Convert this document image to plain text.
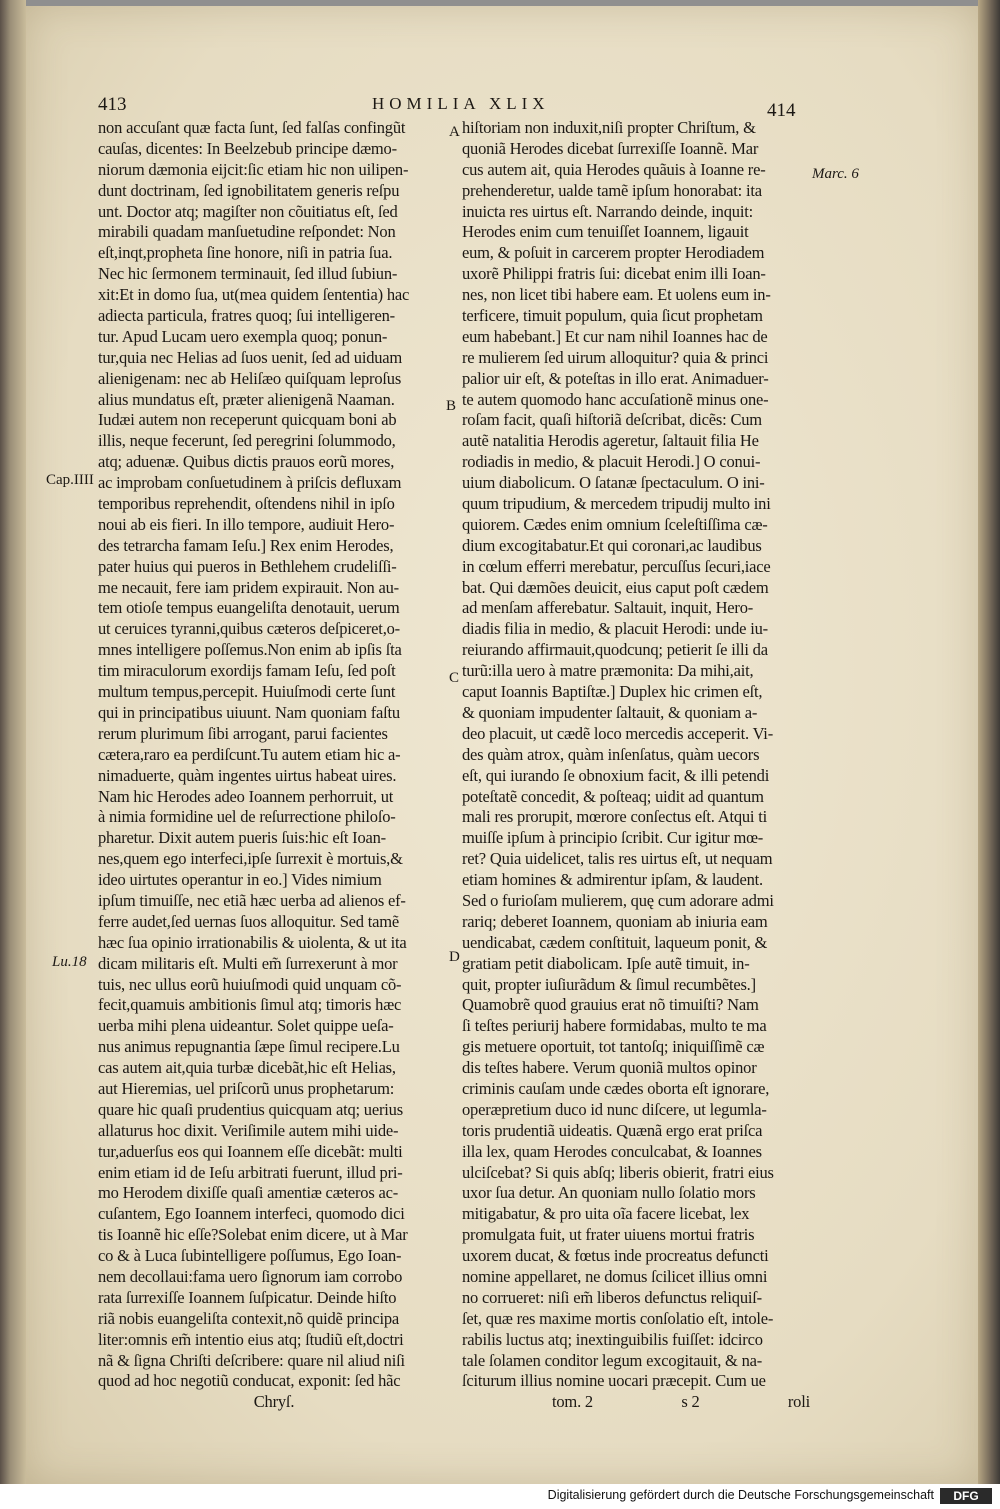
413	HOMILIA XLIX	414
non accuſant quæ facta ſunt, ſed falſas confingũt
cauſas, dicentes: In Beelzebub principe dæmo-
niorum dæmonia eijcit:ſic etiam hic non uilipen-
dunt doctrinam, ſed ignobilitatem generis reſpu
unt. Doctor atq; magiſter non cõuitiatus eſt, ſed
mirabili quadam manſuetudine reſpondet: Non
eſt,inqt,propheta ſine honore, niſi in patria ſua.
Nec hic ſermonem terminauit, ſed illud ſubiun-
xit:Et in domo ſua, ut(mea quidem ſententia) hac
adiecta particula, fratres quoq; ſui intelligeren-
tur. Apud Lucam uero exempla quoq; ponun-
tur,quia nec Helias ad ſuos uenit, ſed ad uiduam
alienigenam: nec ab Heliſæo quiſquam leproſus
alius mundatus eſt, præter alienigenã Naaman.
Iudæi autem non receperunt quicquam boni ab
illis, neque fecerunt, ſed peregrini ſolummodo,
atq; aduenæ. Quibus dictis prauos eorũ mores,
ac improbam conſuetudinem à priſcis defluxam
temporibus reprehendit, oſtendens nihil in ipſo
noui ab eis fieri. In illo tempore, audiuit Hero-
des tetrarcha famam Ieſu.] Rex enim Herodes,
pater huius qui pueros in Bethlehem crudeliſſi-
me necauit, fere iam pridem expirauit. Non au-
tem otioſe tempus euangeliſta denotauit, uerum
ut ceruices tyranni,quibus cæteros deſpiceret,o-
mnes intelligere poſſemus.Non enim ab ipſis ſta
tim miraculorum exordijs famam Ieſu, ſed poſt
multum tempus,percepit. Huiuſmodi certe ſunt
qui in principatibus uiuunt. Nam quoniam faſtu
rerum plurimum ſibi arrogant, parui facientes
cætera,raro ea perdiſcunt.Tu autem etiam hic a-
nimaduerte, quàm ingentes uirtus habeat uires.
Nam hic Herodes adeo Ioannem perhorruit, ut
à nimia formidine uel de reſurrectione philoſo-
pharetur. Dixit autem pueris ſuis:hic eſt Ioan-
nes,quem ego interfeci,ipſe ſurrexit è mortuis,&
ideo uirtutes operantur in eo.] Vides nimium
ipſum timuiſſe, nec etiã hæc uerba ad alienos ef-
ferre audet,ſed uernas ſuos alloquitur. Sed tamẽ
hæc ſua opinio irrationabilis & uiolenta, & ut ita
dicam militaris eſt. Multi em̃ ſurrexerunt à mor
tuis, nec ullus eorũ huiuſmodi quid unquam cõ-
fecit,quamuis ambitionis ſimul atq; timoris hæc
uerba mihi plena uideantur. Solet quippe ueſa-
nus animus repugnantia ſæpe ſimul recipere.Lu
cas autem ait,quia turbæ dicebãt,hic eſt Helias,
aut Hieremias, uel priſcorũ unus prophetarum:
quare hic quaſi prudentius quicquam atq; uerius
allaturus hoc dixit. Veriſimile autem mihi uide-
tur,aduerſus eos qui Ioannem eſſe dicebãt: multi
enim etiam id de Ieſu arbitrati fuerunt, illud pri-
mo Herodem dixiſſe quaſi amentiæ cæteros ac-
cuſantem, Ego Ioannem interfeci, quomodo dici
tis Ioannẽ hic eſſe?Solebat enim dicere, ut à Mar
co & à Luca ſubintelligere poſſumus, Ego Ioan-
nem decollaui:fama uero ſignorum iam corrobo
rata ſurrexiſſe Ioannem ſuſpicatur. Deinde hiſto
riã nobis euangeliſta contexit,nõ quidẽ principa
liter:omnis em̃ intentio eius atq; ſtudiũ eſt,doctri
nã & ſigna Chriſti deſcribere: quare nil aliud niſi
quod ad hoc negotiũ conducat, exponit: ſed hãc
Chryſ.
hiſtoriam non induxit,niſi propter Chriſtum, &
quoniã Herodes dicebat ſurrexiſſe Ioannẽ. Mar
cus autem ait, quia Herodes quãuis à Ioanne re-
prehenderetur, ualde tamẽ ipſum honorabat: ita
inuicta res uirtus eſt. Narrando deinde, inquit:
Herodes enim cum tenuiſſet Ioannem, ligauit
eum, & poſuit in carcerem propter Herodiadem
uxorẽ Philippi fratris ſui: dicebat enim illi Ioan-
nes, non licet tibi habere eam. Et uolens eum in-
terficere, timuit populum, quia ſicut prophetam
eum habebant.] Et cur nam nihil Ioannes hac de
re mulierem ſed uirum alloquitur? quia & princi
palior uir eſt, & poteſtas in illo erat. Animaduer-
te autem quomodo hanc accuſationẽ minus one-
roſam facit, quaſi hiſtoriã deſcribat, dicẽs: Cum
autẽ natalitia Herodis ageretur, ſaltauit filia He
rodiadis in medio, & placuit Herodi.] O conui-
uium diabolicum. O ſatanæ ſpectaculum. O ini-
quum tripudium, & mercedem tripudij multo ini
quiorem. Cædes enim omnium ſceleſtiſſima cæ-
dium excogitabatur.Et qui coronari,ac laudibus
in cœlum efferri merebatur, percuſſus ſecuri,iace
bat. Qui dæmões deuicit, eius caput poſt cædem
ad menſam afferebatur. Saltauit, inquit, Hero-
diadis filia in medio, & placuit Herodi: unde iu-
reiurando affirmauit,quodcunq; petierit ſe illi da
turũ:illa uero à matre præmonita: Da mihi,ait,
caput Ioannis Baptiſtæ.] Duplex hic crimen eſt,
& quoniam impudenter ſaltauit, & quoniam a-
deo placuit, ut cædẽ loco mercedis acceperit. Vi-
des quàm atrox, quàm inſenſatus, quàm uecors
eſt, qui iurando ſe obnoxium facit, & illi petendi
poteſtatẽ concedit, & poſteaq; uidit ad quantum
mali res prorupit, mœrore conſectus eſt. Atqui ti
muiſſe ipſum à principio ſcribit. Cur igitur mœ-
ret? Quia uidelicet, talis res uirtus eſt, ut nequam
etiam homines & admirentur ipſam, & laudent.
Sed o furioſam mulierem, quę cum adorare admi
rariq; deberet Ioannem, quoniam ab iniuria eam
uendicabat, cædem conſtituit, laqueum ponit, &
gratiam petit diabolicam. Ipſe autẽ timuit, in-
quit, propter iuſiurãdum & ſimul recumbẽtes.]
Quamobrẽ quod grauius erat nõ timuiſti? Nam
ſi teſtes periurij habere formidabas, multo te ma
gis metuere oportuit, tot tantoſq; iniquiſſimẽ cæ
dis teſtes habere. Verum quoniã multos opinor
criminis cauſam unde cædes oborta eſt ignorare,
operæpretium duco id nunc diſcere, ut legumla-
toris prudentiã uideatis. Quænã ergo erat priſca
illa lex, quam Herodes conculcabat, & Ioannes
ulciſcebat? Si quis abſq; liberis obierit, fratri eius
uxor ſua detur. An quoniam nullo ſolatio mors
mitigabatur, & pro uita oĩa facere licebat, lex
promulgata fuit, ut frater uiuens mortui fratris
uxorem ducat, & fœtus inde procreatus defuncti
nomine appellaret, ne domus ſcilicet illius omni
no corrueret: niſi em̃ liberos defunctus reliquiſ-
ſet, quæ res maxime mortis conſolatio eſt, intole-
rabilis luctus atq; inextinguibilis fuiſſet: idcirco
tale ſolamen conditor legum excogitauit, & na-
ſciturum illius nomine uocari præcepit. Cum ue
tom. 2	s 2	roli
Marc. 6
Cap.IIII
Lu.18
A
B
C
D
Digitalisierung gefördert durch die Deutsche Forschungsgemeinschaft	DFG
